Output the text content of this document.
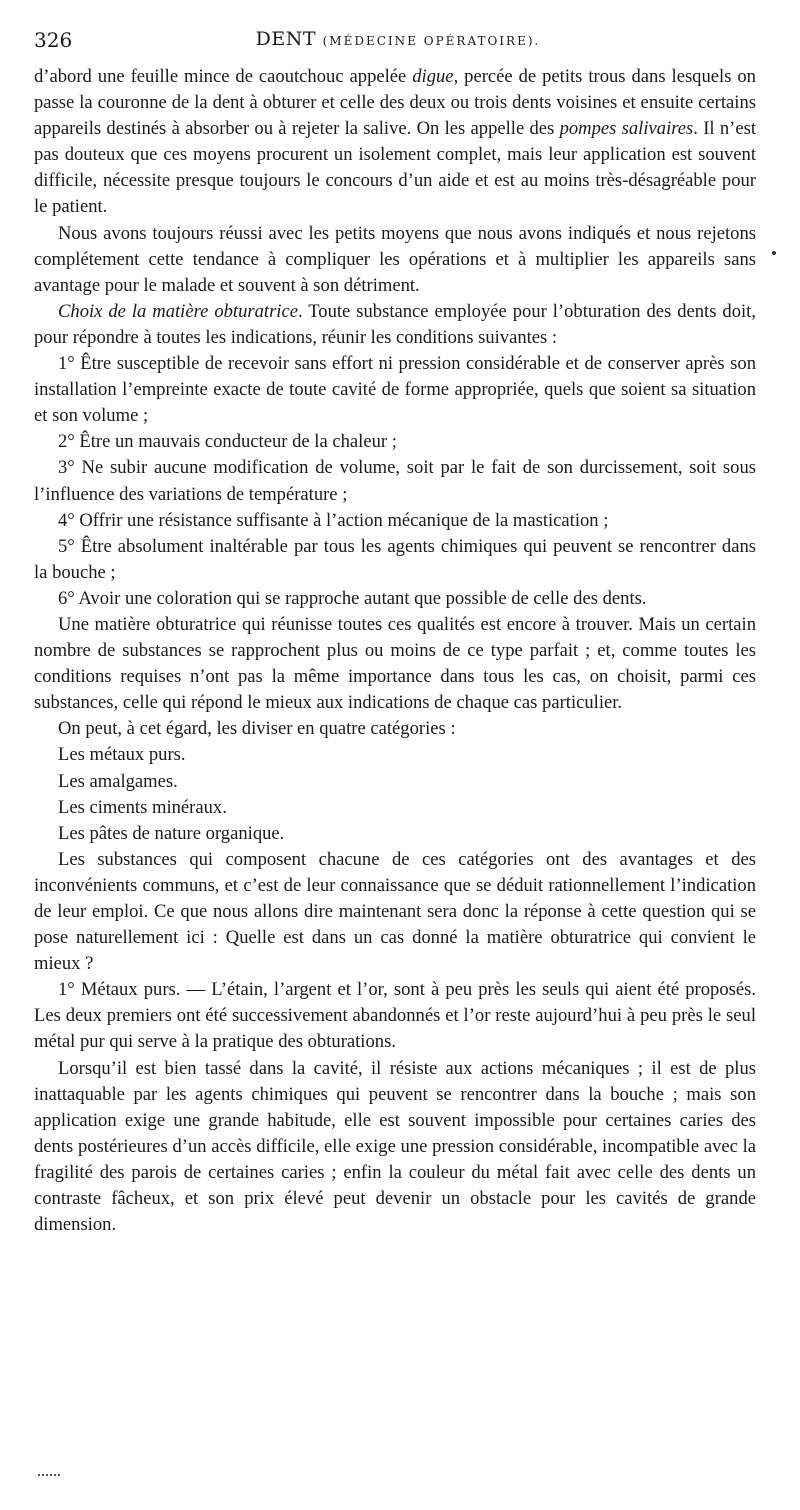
326	DENT (MÉDECINE OPÉRATOIRE).

d’abord une feuille mince de caoutchouc appelée digue, percée de petits trous dans lesquels on passe la couronne de la dent à obturer et celle des deux ou trois dents voisines et ensuite certains appareils destinés à absorber ou à rejeter la salive. On les appelle des pompes salivaires. Il n’est pas douteux que ces moyens procurent un isolement complet, mais leur application est souvent difficile, nécessite presque toujours le concours d’un aide et est au moins très-désagréable pour le patient.

Nous avons toujours réussi avec les petits moyens que nous avons indiqués et nous rejetons complétement cette tendance à compliquer les opérations et à multiplier les appareils sans avantage pour le malade et souvent à son détriment.

Choix de la matière obturatrice. Toute substance employée pour l’obturation des dents doit, pour répondre à toutes les indications, réunir les conditions suivantes :

1° Être susceptible de recevoir sans effort ni pression considérable et de conserver après son installation l’empreinte exacte de toute cavité de forme appropriée, quels que soient sa situation et son volume ;

2° Être un mauvais conducteur de la chaleur ;

3° Ne subir aucune modification de volume, soit par le fait de son durcissement, soit sous l’influence des variations de température ;

4° Offrir une résistance suffisante à l’action mécanique de la mastication ;

5° Être absolument inaltérable par tous les agents chimiques qui peuvent se rencontrer dans la bouche ;

6° Avoir une coloration qui se rapproche autant que possible de celle des dents.

Une matière obturatrice qui réunisse toutes ces qualités est encore à trouver. Mais un certain nombre de substances se rapprochent plus ou moins de ce type parfait ; et, comme toutes les conditions requises n’ont pas la même importance dans tous les cas, on choisit, parmi ces substances, celle qui répond le mieux aux indications de chaque cas particulier.

On peut, à cet égard, les diviser en quatre catégories :

Les métaux purs.

Les amalgames.

Les ciments minéraux.

Les pâtes de nature organique.

Les substances qui composent chacune de ces catégories ont des avantages et des inconvénients communs, et c’est de leur connaissance que se déduit rationnellement l’indication de leur emploi. Ce que nous allons dire maintenant sera donc la réponse à cette question qui se pose naturellement ici : Quelle est dans un cas donné la matière obturatrice qui convient le mieux ?

1° Métaux purs. — L’étain, l’argent et l’or, sont à peu près les seuls qui aient été proposés. Les deux premiers ont été successivement abandonnés et l’or reste aujourd’hui à peu près le seul métal pur qui serve à la pratique des obturations.

Lorsqu’il est bien tassé dans la cavité, il résiste aux actions mécaniques ; il est de plus inattaquable par les agents chimiques qui peuvent se rencontrer dans la bouche ; mais son application exige une grande habitude, elle est souvent impossible pour certaines caries des dents postérieures d’un accès difficile, elle exige une pression considérable, incompatible avec la fragilité des parois de certaines caries ; enfin la couleur du métal fait avec celle des dents un contraste fâcheux, et son prix élevé peut devenir un obstacle pour les cavités de grande dimension.
